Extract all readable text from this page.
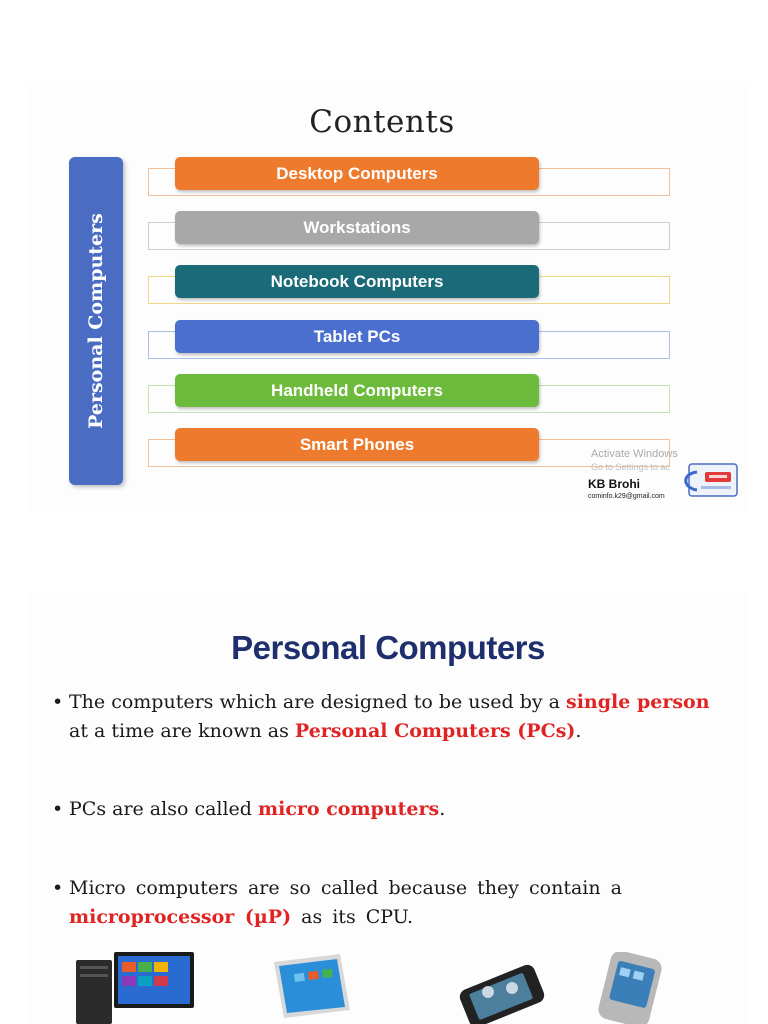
Contents
Personal Computers
Desktop Computers
Workstations
Notebook Computers
Tablet PCs
Handheld Computers
Smart Phones
Activate Windows
Go to Settings to ac
KB Brohi
cominfo.k29@gmail.com
Personal Computers
• The computers which are designed to be used by a single person at a time are known as Personal Computers (PCs).
• PCs are also called micro computers.
• Micro computers are so called because they contain a microprocessor (µP) as its CPU.
